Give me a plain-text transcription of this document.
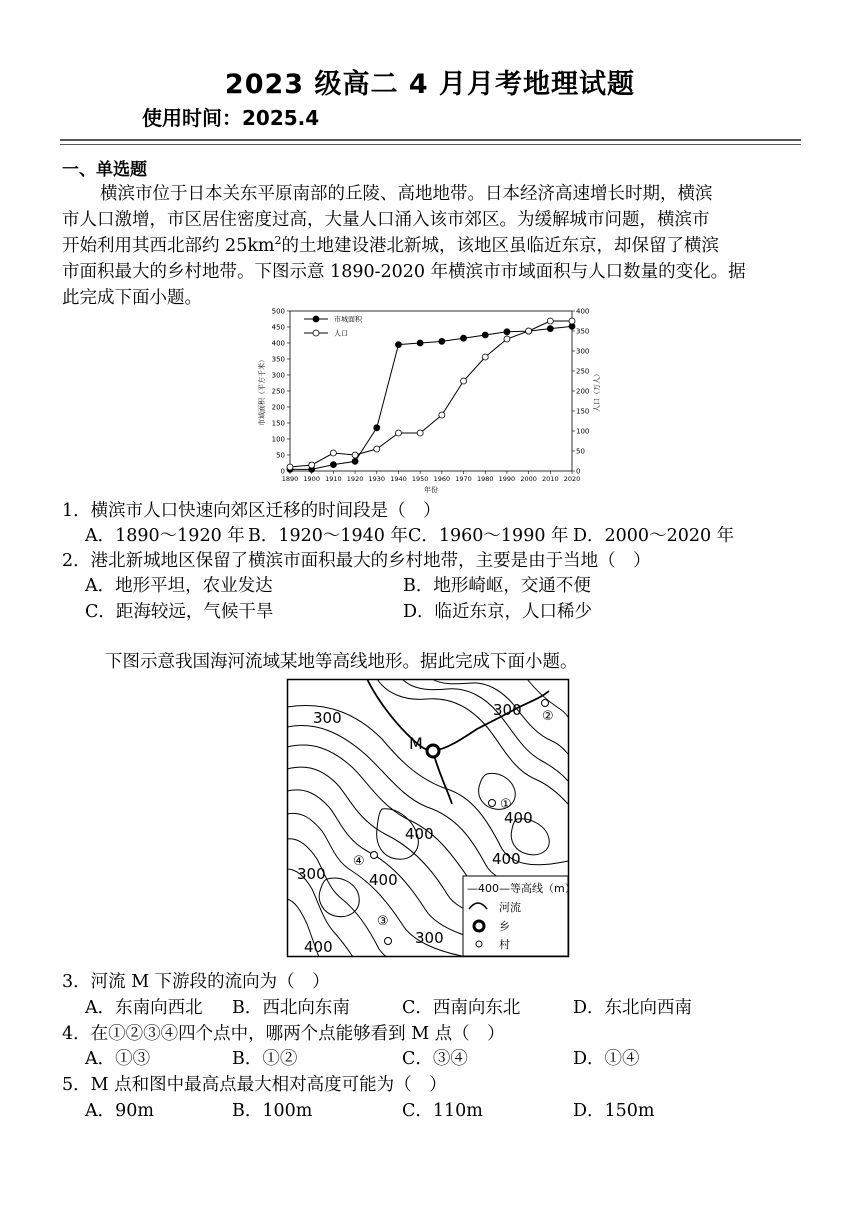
2023 级高二 4 月月考地理试题
使用时间：2025.4
一、单选题
横滨市位于日本关东平原南部的丘陵、高地地带。日本经济高速增长时期，横滨
市人口激增，市区居住密度过高，大量人口涌入该市郊区。为缓解城市问题，横滨市
开始利用其西北部约 $25km^2$的土地建设港北新城，该地区虽临近东京，却保留了横滨
市面积最大的乡村地带。下图示意 1890-2020 年横滨市市域面积与人口数量的变化。据
此完成下面小题。
0
50
100
150
200
250
300
350
400
450
500
0
50
100
150
200
250
300
350
400
1890 1900 1910 1920 1930 1940 1950 1960 1970 1980 1990 2000 2010 2020
年份
市域面积（平方千米）	人口（万人）
市城面积
人口
1．横滨市人口快速向郊区迁移的时间段是（　）
A．1890～1920 年 B．1920～1940 年 C．1960～1990 年 D．2000～2020 年
2．港北新城地区保留了横滨市面积最大的乡村地带，主要是由于当地（　）
A．地形平坦，农业发达	B．地形崎岖，交通不便
C．距海较远，气候干旱	D．临近东京，人口稀少
下图示意我国海河流域某地等高线地形。据此完成下面小题。
300	300
300
300
400
400
400
400
400
M
①
②
③
④
—400—等高线（m）
河流
乡
村
3．河流 M 下游段的流向为（　）
A．东南向西北 B．西北向东南	C．西南向东北	D．东北向西南
4．在①②③④四个点中，哪两个点能够看到 M 点（　）
A．①③	B．①②	C．③④	D．①④
5．M 点和图中最高点最大相对高度可能为（　）
A．90m	B．100m	C．110m	D．150m
